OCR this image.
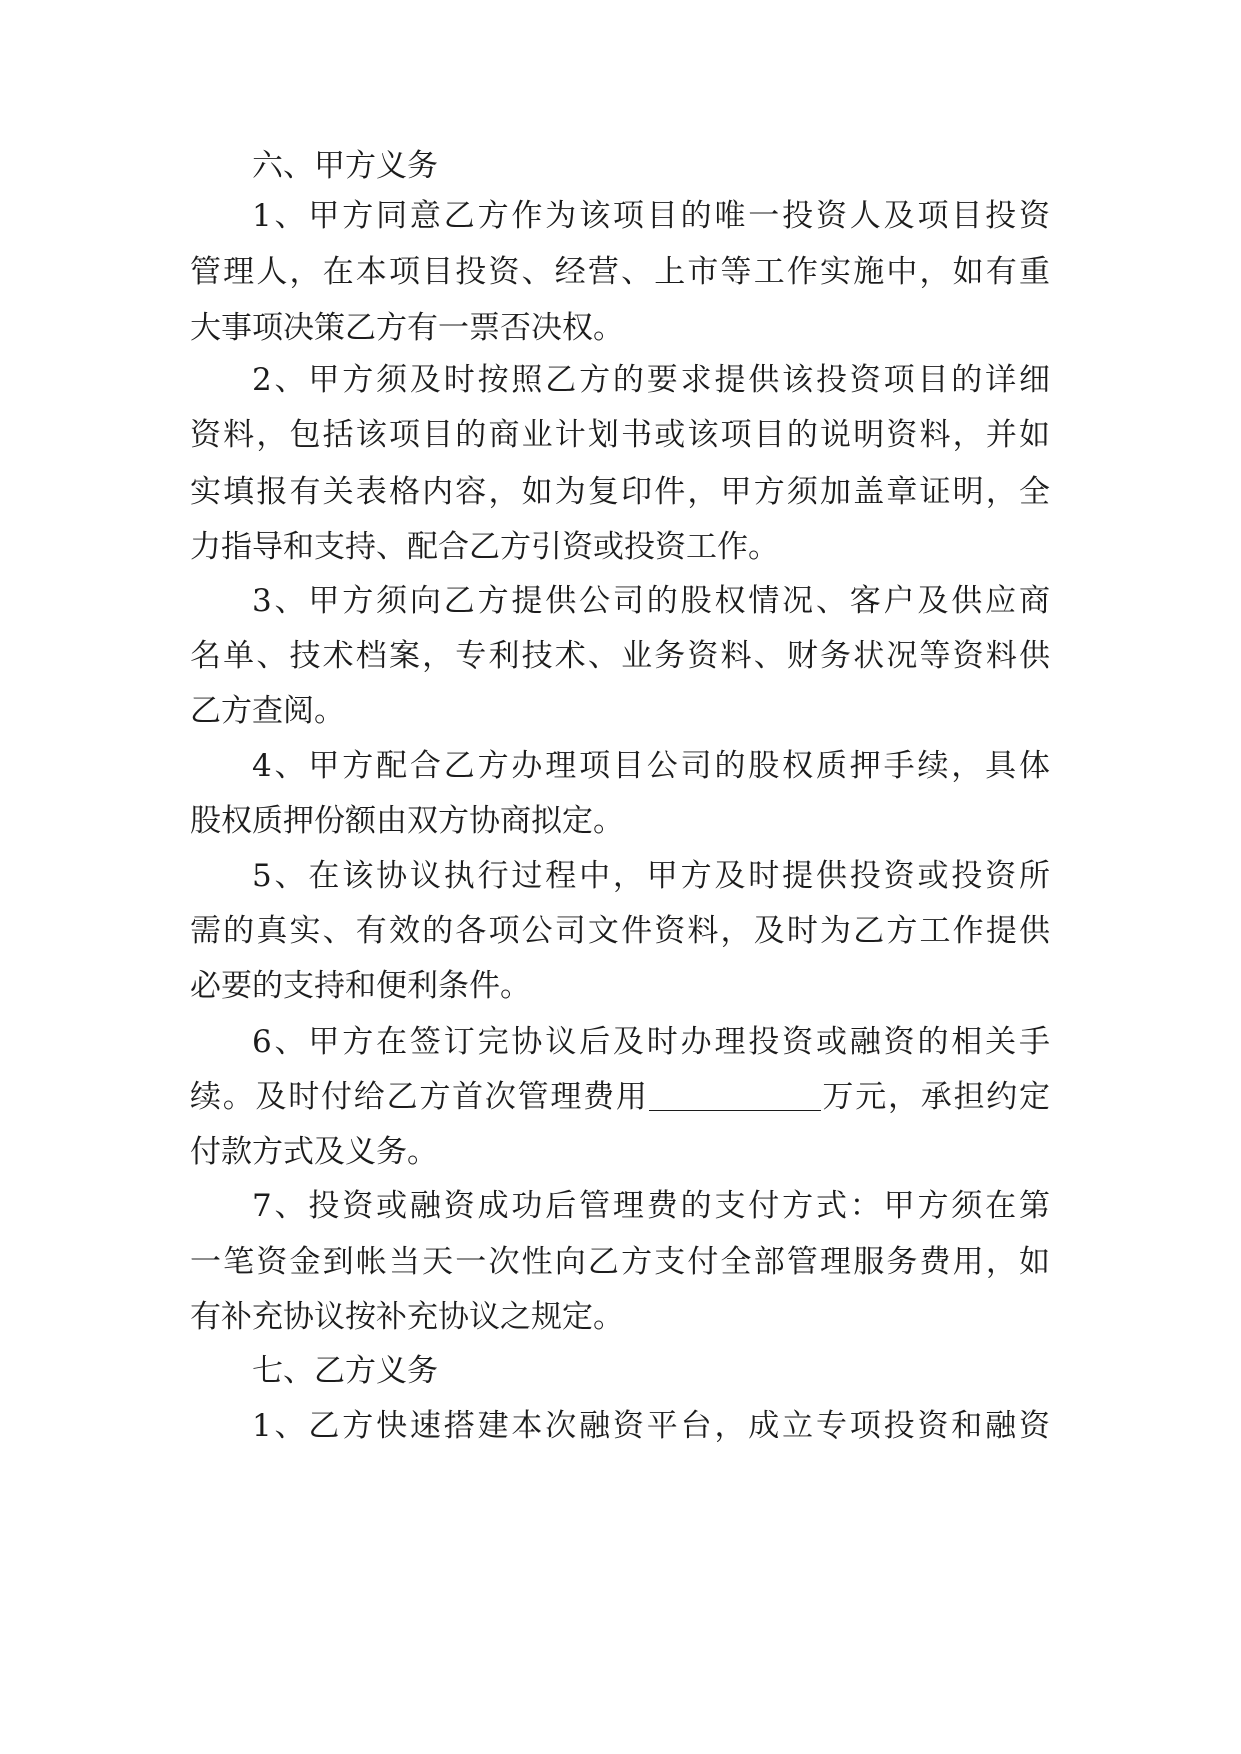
六、甲方义务

1、甲方同意乙方作为该项目的唯一投资人及项目投资

管理人，在本项目投资、经营、上市等工作实施中，如有重

大事项决策乙方有一票否决权。

2、甲方须及时按照乙方的要求提供该投资项目的详细

资料，包括该项目的商业计划书或该项目的说明资料，并如

实填报有关表格内容，如为复印件，甲方须加盖章证明，全

力指导和支持、配合乙方引资或投资工作。

3、甲方须向乙方提供公司的股权情况、客户及供应商

名单、技术档案，专利技术、业务资料、财务状况等资料供

乙方查阅。

4、甲方配合乙方办理项目公司的股权质押手续，具体

股权质押份额由双方协商拟定。

5、在该协议执行过程中，甲方及时提供投资或投资所

需的真实、有效的各项公司文件资料，及时为乙方工作提供

必要的支持和便利条件。

6、甲方在签订完协议后及时办理投资或融资的相关手

续。及时付给乙方首次管理费用	万元，承担约定

付款方式及义务。

7、投资或融资成功后管理费的支付方式：甲方须在第

一笔资金到帐当天一次性向乙方支付全部管理服务费用，如

有补充协议按补充协议之规定。

七、乙方义务

1、乙方快速搭建本次融资平台，成立专项投资和融资
